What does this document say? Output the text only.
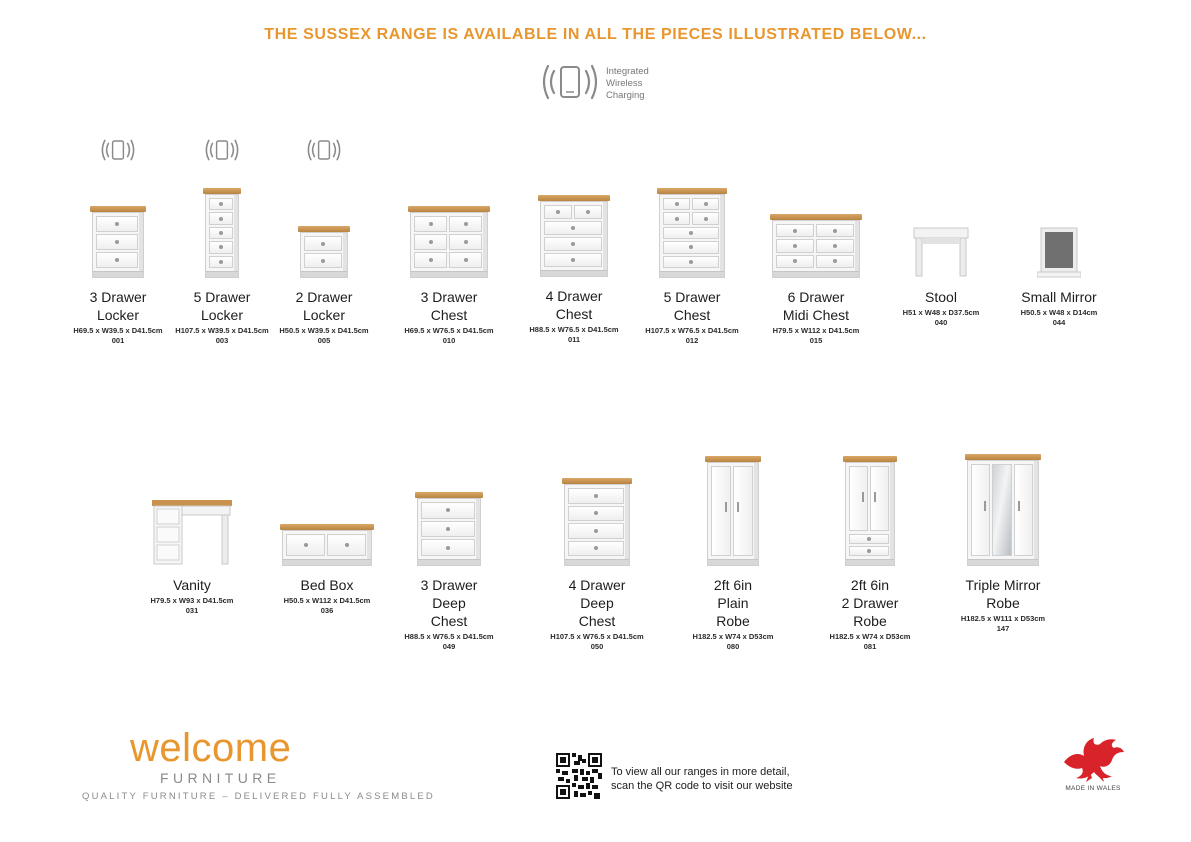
THE SUSSEX RANGE IS AVAILABLE IN ALL THE PIECES ILLUSTRATED BELOW...
Integrated
Wireless
Charging
3 Drawer
Locker
H69.5 x W39.5 x D41.5cm
001
5 Drawer
Locker
H107.5 x W39.5 x D41.5cm
003
2 Drawer
Locker
H50.5 x W39.5 x D41.5cm
005
3 Drawer
Chest
H69.5 x W76.5 x D41.5cm
010
4 Drawer
Chest
H88.5 x W76.5 x D41.5cm
011
5 Drawer
Chest
H107.5 x W76.5 x D41.5cm
012
6 Drawer
Midi Chest
H79.5 x W112 x D41.5cm
015
Stool
H51 x W48 x D37.5cm
040
Small Mirror
H50.5 x W48 x D14cm
044
Vanity
H79.5 x W93 x D41.5cm
031
Bed Box
H50.5 x W112 x D41.5cm
036
3 Drawer
Deep
Chest
H88.5 x W76.5 x D41.5cm
049
4 Drawer
Deep
Chest
H107.5 x W76.5 x D41.5cm
050
2ft 6in
Plain
Robe
H182.5 x W74 x D53cm
080
2ft 6in
2 Drawer
Robe
H182.5 x W74 x D53cm
081
Triple Mirror
Robe
H182.5 x W111 x D53cm
147
welcome
FURNITURE
QUALITY FURNITURE – DELIVERED FULLY ASSEMBLED
To view all our ranges in more detail,
scan the QR code to visit our website	MADE IN WALES
